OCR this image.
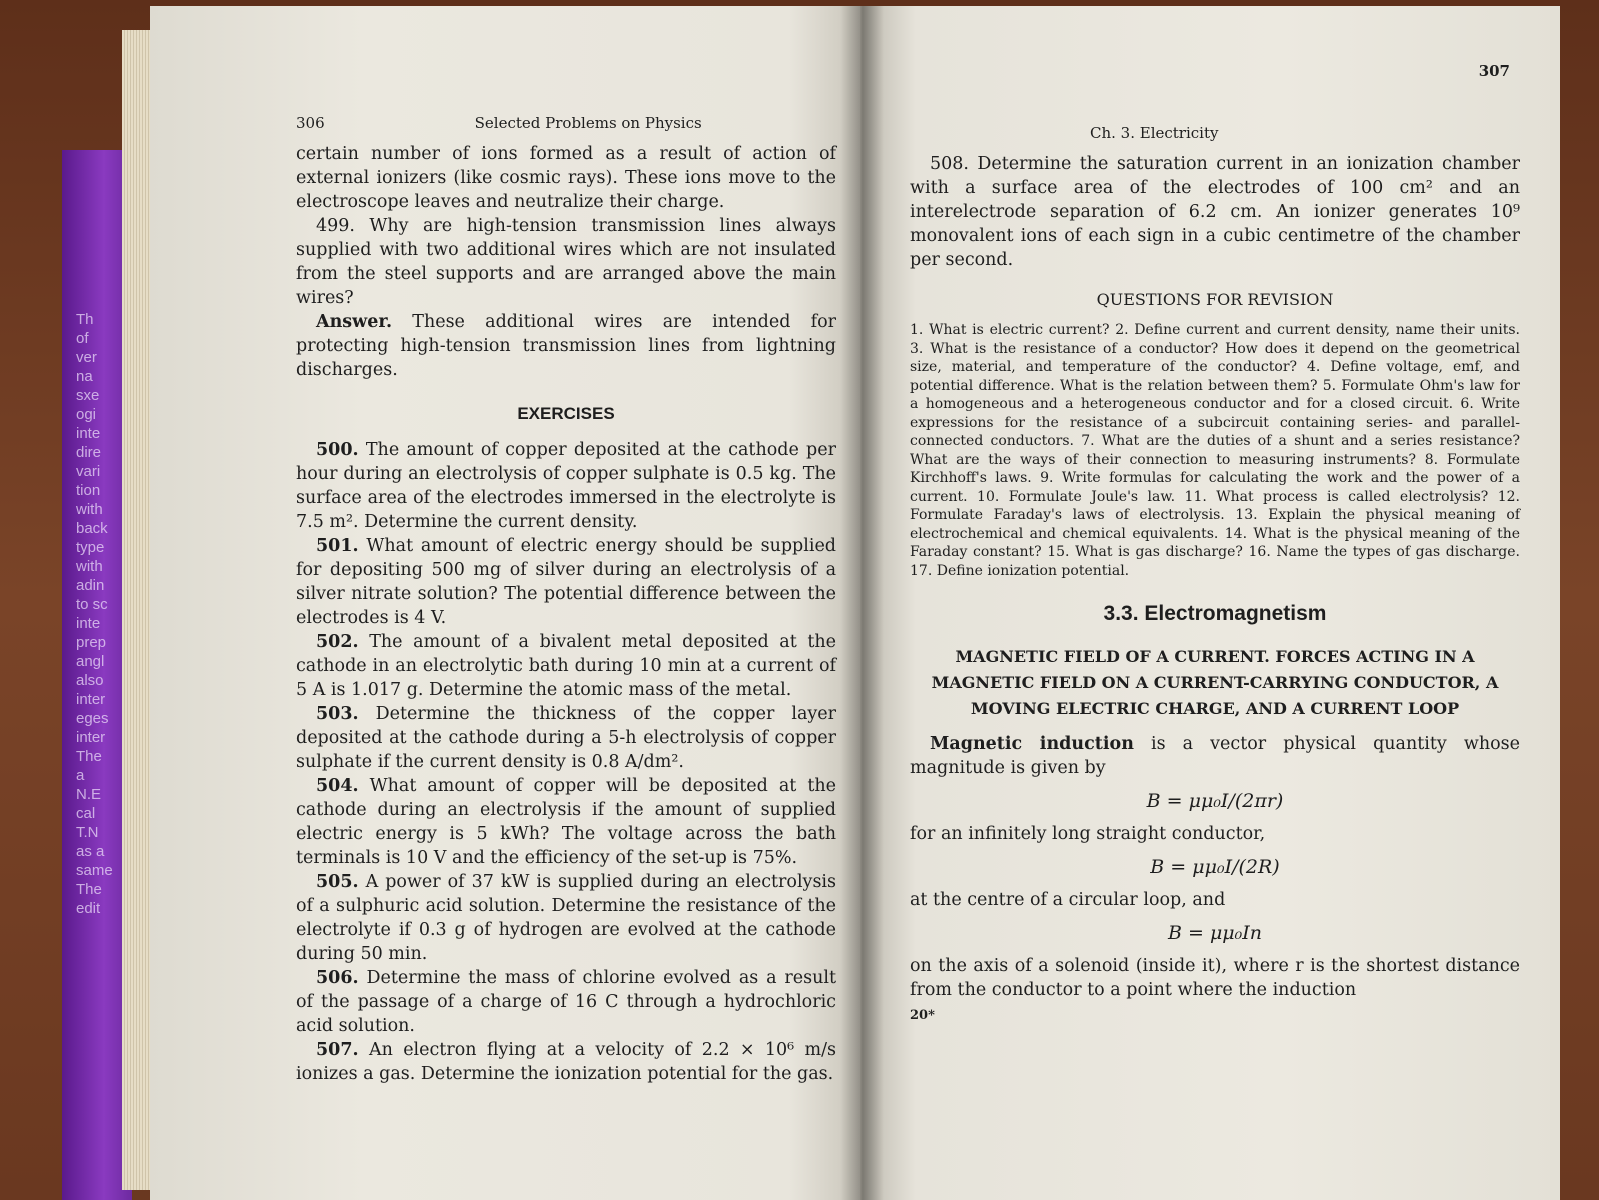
Th
of
ver
na
sxe
ogi
inte
dire
vari
tion
with
back
type
with
adin
to sc
inte
prep
angl
also
inter
eges
inter
The
a
N.E
cal
T.N
as a
same
The
edit
306	Selected Problems on Physics

certain number of ions formed as a result of action of external ionizers (like cosmic rays). These ions move to the electroscope leaves and neutralize their charge.

499. Why are high-tension transmission lines always supplied with two additional wires which are not insulated from the steel supports and are arranged above the main wires?

Answer. These additional wires are intended for protecting high-tension transmission lines from lightning discharges.

EXERCISES

500. The amount of copper deposited at the cathode per hour during an electrolysis of copper sulphate is 0.5 kg. The surface area of the electrodes immersed in the electrolyte is 7.5 m². Determine the current density.

501. What amount of electric energy should be supplied for depositing 500 mg of silver during an electrolysis of a silver nitrate solution? The potential difference between the electrodes is 4 V.

502. The amount of a bivalent metal deposited at the cathode in an electrolytic bath during 10 min at a current of 5 A is 1.017 g. Determine the atomic mass of the metal.

503. Determine the thickness of the copper layer deposited at the cathode during a 5-h electrolysis of copper sulphate if the current density is 0.8 A/dm².

504. What amount of copper will be deposited at the cathode during an electrolysis if the amount of supplied electric energy is 5 kWh? The voltage across the bath terminals is 10 V and the efficiency of the set-up is 75%.

505. A power of 37 kW is supplied during an electrolysis of a sulphuric acid solution. Determine the resistance of the electrolyte if 0.3 g of hydrogen are evolved at the cathode during 50 min.

506. Determine the mass of chlorine evolved as a result of the passage of a charge of 16 C through a hydrochloric acid solution.

507. An electron flying at a velocity of 2.2 × 10⁶ m/s ionizes a gas. Determine the ionization potential for the gas.

307
Ch. 3. Electricity

508. Determine the saturation current in an ionization chamber with a surface area of the electrodes of 100 cm² and an interelectrode separation of 6.2 cm. An ionizer generates 10⁹ monovalent ions of each sign in a cubic centimetre of the chamber per second.

QUESTIONS FOR REVISION

1. What is electric current? 2. Define current and current density, name their units. 3. What is the resistance of a conductor? How does it depend on the geometrical size, material, and temperature of the conductor? 4. Define voltage, emf, and potential difference. What is the relation between them? 5. Formulate Ohm's law for a homogeneous and a heterogeneous conductor and for a closed circuit. 6. Write expressions for the resistance of a subcircuit containing series- and parallel-connected conductors. 7. What are the duties of a shunt and a series resistance? What are the ways of their connection to measuring instruments? 8. Formulate Kirchhoff's laws. 9. Write formulas for calculating the work and the power of a current. 10. Formulate Joule's law. 11. What process is called electrolysis? 12. Formulate Faraday's laws of electrolysis. 13. Explain the physical meaning of electrochemical and chemical equivalents. 14. What is the physical meaning of the Faraday constant? 15. What is gas discharge? 16. Name the types of gas discharge. 17. Define ionization potential.

3.3. Electromagnetism
MAGNETIC FIELD OF A CURRENT. FORCES ACTING IN A MAGNETIC FIELD ON A CURRENT-CARRYING CONDUCTOR, A MOVING ELECTRIC CHARGE, AND A CURRENT LOOP

Magnetic induction is a vector physical quantity whose magnitude is given by

B = μμ₀I/(2πr)

for an infinitely long straight conductor,

B = μμ₀I/(2R)

at the centre of a circular loop, and

B = μμ₀In

on the axis of a solenoid (inside it), where r is the shortest distance from the conductor to a point where the induction

20*
